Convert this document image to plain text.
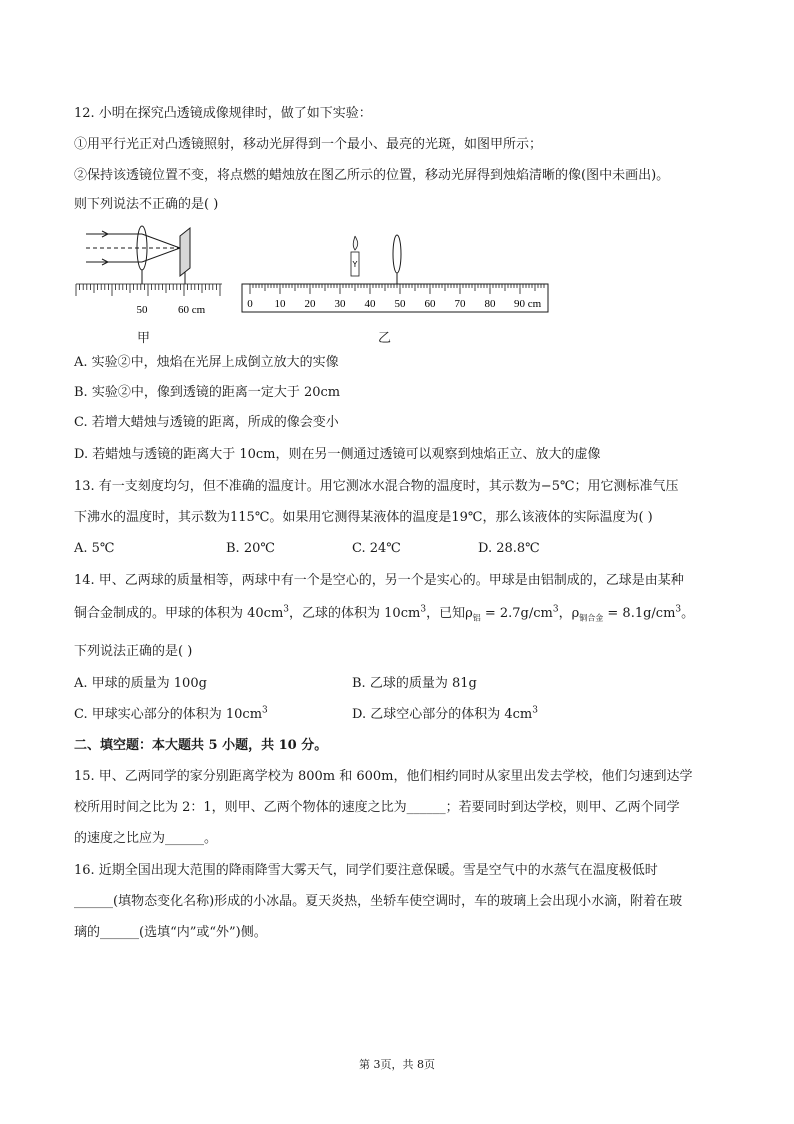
12. 小明在探究凸透镜成像规律时，做了如下实验：
①用平行光正对凸透镜照射，移动光屏得到一个最小、最亮的光斑，如图甲所示；
②保持该透镜位置不变，将点燃的蜡烛放在图乙所示的位置，移动光屏得到烛焰清晰的像(图中未画出)。
则下列说法不正确的是( )
50	60 cm
甲
Y
0 10 20 30 40 50 60 70 80 90 cm
乙
A. 实验②中，烛焰在光屏上成倒立放大的实像
B. 实验②中，像到透镜的距离一定大于 20cm
C. 若增大蜡烛与透镜的距离，所成的像会变小
D. 若蜡烛与透镜的距离大于 10cm，则在另一侧通过透镜可以观察到烛焰正立、放大的虚像
13. 有一支刻度均匀，但不准确的温度计。用它测冰水混合物的温度时，其示数为−5℃；用它测标准气压
下沸水的温度时，其示数为115℃。如果用它测得某液体的温度是19℃，那么该液体的实际温度为( )
A. 5℃	B. 20℃	C. 24℃	D. 28.8℃
14. 甲、乙两球的质量相等，两球中有一个是空心的，另一个是实心的。甲球是由铝制成的，乙球是由某种
铜合金制成的。甲球的体积为 $40cm^3$，乙球的体积为 $10cm^3$，已知$\rho_铝 = 2.7g/cm^3$，$\rho_{铜合金} = 8.1g/cm^3$。
下列说法正确的是( )
A. 甲球的质量为 100g	B. 乙球的质量为 81g
C. 甲球实心部分的体积为 $10cm^3$	D. 乙球空心部分的体积为 $4cm^3$
二、填空题：本大题共 5 小题，共 10 分。
15. 甲、乙两同学的家分别距离学校为 800m 和 600m，他们相约同时从家里出发去学校，他们匀速到达学
校所用时间之比为 2：1，则甲、乙两个物体的速度之比为______；若要同时到达学校，则甲、乙两个同学
的速度之比应为______。
16. 近期全国出现大范围的降雨降雪大雾天气，同学们要注意保暖。雪是空气中的水蒸气在温度极低时
______(填物态变化名称)形成的小冰晶。夏天炎热，坐轿车使空调时，车的玻璃上会出现小水滴，附着在玻
璃的______(选填“内”或“外”)侧。
第 3页，共 8页
